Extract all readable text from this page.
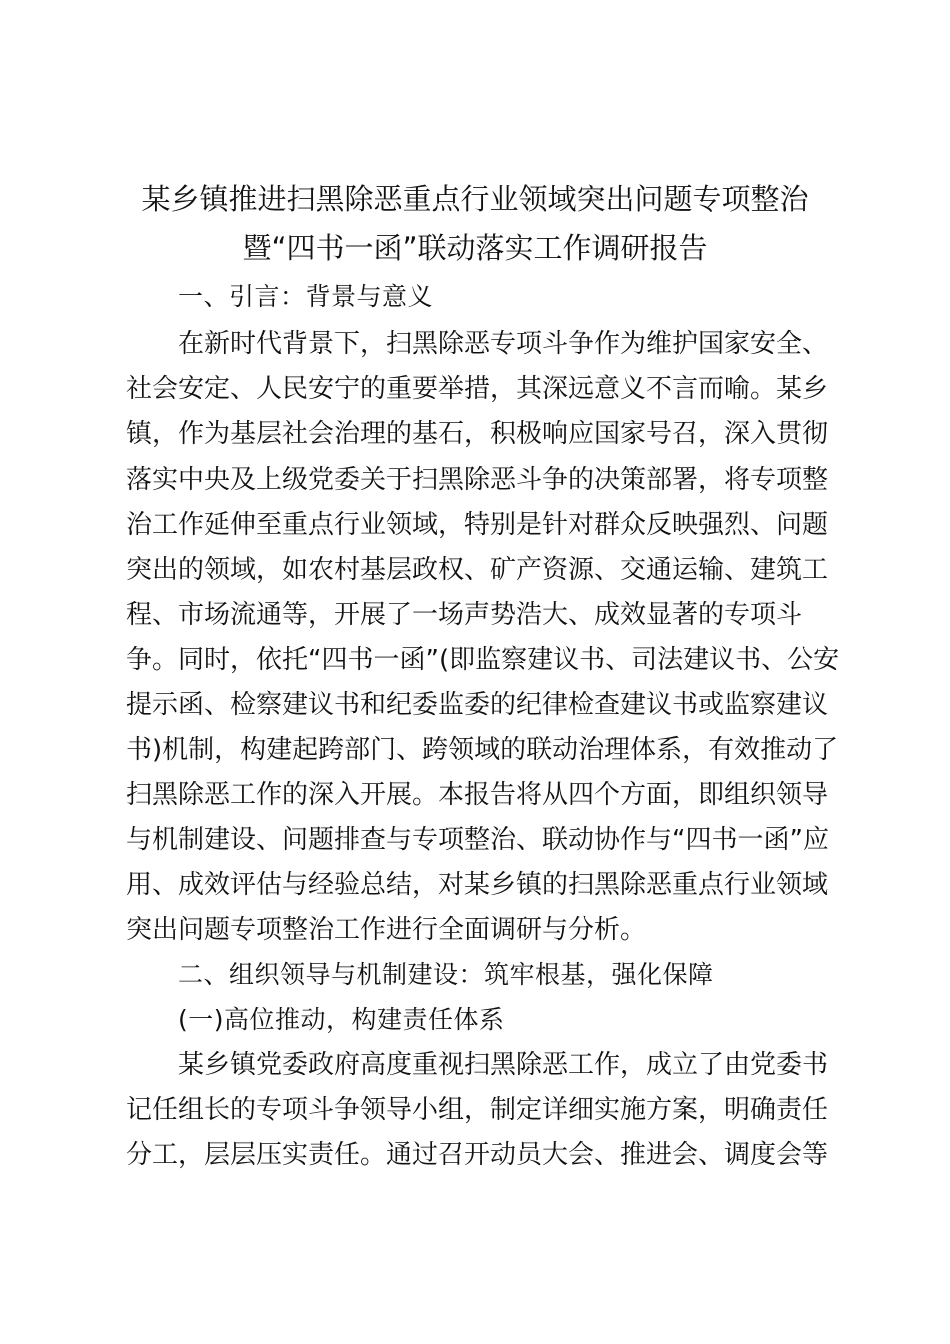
某乡镇推进扫黑除恶重点行业领域突出问题专项整治
暨“四书一函”联动落实工作调研报告

一、引言：背景与意义

在新时代背景下，扫黑除恶专项斗争作为维护国家安全、

社会安定、人民安宁的重要举措，其深远意义不言而喻。某乡

镇，作为基层社会治理的基石，积极响应国家号召，深入贯彻

落实中央及上级党委关于扫黑除恶斗争的决策部署，将专项整

治工作延伸至重点行业领域，特别是针对群众反映强烈、问题

突出的领域，如农村基层政权、矿产资源、交通运输、建筑工

程、市场流通等，开展了一场声势浩大、成效显著的专项斗

争。同时，依托“四书一函”(即监察建议书、司法建议书、公安

提示函、检察建议书和纪委监委的纪律检查建议书或监察建议

书)机制，构建起跨部门、跨领域的联动治理体系，有效推动了

扫黑除恶工作的深入开展。本报告将从四个方面，即组织领导

与机制建设、问题排查与专项整治、联动协作与“四书一函”应

用、成效评估与经验总结，对某乡镇的扫黑除恶重点行业领域

突出问题专项整治工作进行全面调研与分析。

二、组织领导与机制建设：筑牢根基，强化保障

(一)高位推动，构建责任体系

某乡镇党委政府高度重视扫黑除恶工作，成立了由党委书

记任组长的专项斗争领导小组，制定详细实施方案，明确责任

分工，层层压实责任。通过召开动员大会、推进会、调度会等
